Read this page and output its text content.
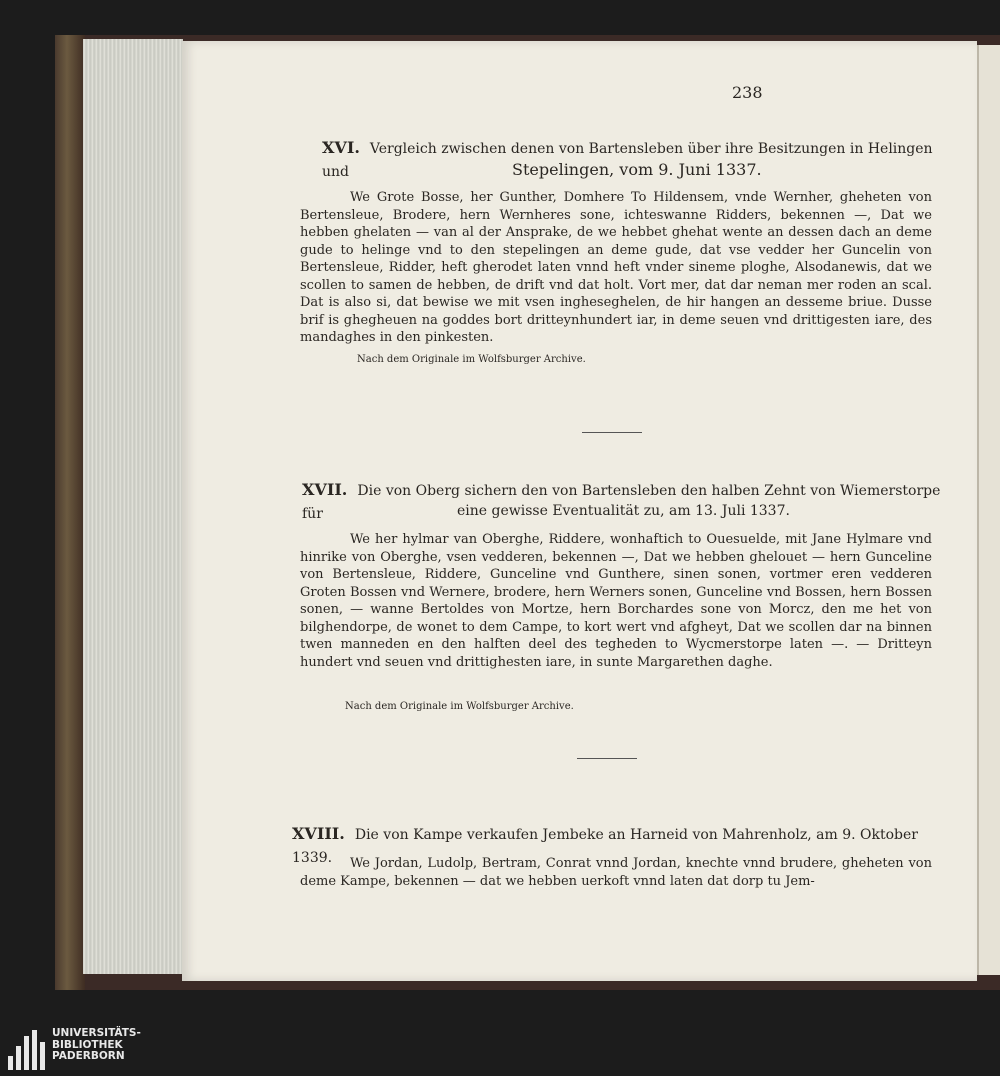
238
XVI. Vergleich zwischen denen von Bartensleben über ihre Besitzungen in Helingen und	Stepelingen, vom 9. Juni 1337.
We Grote Bosse, her Gunther, Domhere To Hildensem, vnde Wernher, gheheten von Bertensleue, Brodere, hern Wernheres sone, ichteswanne Ridders, bekennen —, Dat we hebben ghelaten — van al der Ansprake, de we hebbet ghehat wente an dessen dach an deme gude to helinge vnd to den stepelingen an deme gude, dat vse vedder her Guncelin von Bertensleue, Ridder, heft gherodet laten vnnd heft vnder sineme ploghe, Alsodanewis, dat we scollen to samen de hebben, de drift vnd dat holt. Vort mer, dat dar neman mer roden an scal. Dat is also si, dat bewise we mit vsen ingheseghelen, de hir hangen an desseme briue. Dusse brif is ghegheuen na goddes bort dritteynhundert iar, in deme seuen vnd drittigesten iare, des mandaghes in den pinkesten.
Nach dem Originale im Wolfsburger Archive.
XVII. Die von Oberg sichern den von Bartensleben den halben Zehnt von Wiemerstorpe für	eine gewisse Eventualität zu, am 13. Juli 1337.
We her hylmar van Oberghe, Riddere, wonhaftich to Ouesuelde, mit Jane Hylmare vnd hinrike von Oberghe, vsen vedderen, bekennen —, Dat we hebben ghelouet — hern Gunceline von Bertensleue, Riddere, Gunceline vnd Gunthere, sinen sonen, vortmer eren vedderen Groten Bossen vnd Wernere, brodere, hern Werners sonen, Guncelinе vnd Bossen, hern Bossen sonen, — wanne Bertoldes von Mortze, hern Borchardes sone von Morcz, den me het von bilghendorpe, de wonet to dem Campe, to kort wert vnd afgheyt, Dat we scollen dar na binnen twen manneden en den halften deel des tegheden to Wycmerstorpe laten —. — Dritteyn hundert vnd seuen vnd drittighesten iare, in sunte Margarethen daghe.
Nach dem Originale im Wolfsburger Archive.
XVIII. Die von Kampe verkaufen Jembeke an Harneid von Mahrenholz, am 9. Oktober 1339.	We Jordan, Ludolp, Bertram, Conrat vnnd Jordan, knechte vnnd brudere, gheheten von deme Kampe, bekennen — dat we hebben uerkoft vnnd laten dat dorp tu Jem-
UNIVERSITÄTS-
BIBLIOTHEK
PADERBORN
